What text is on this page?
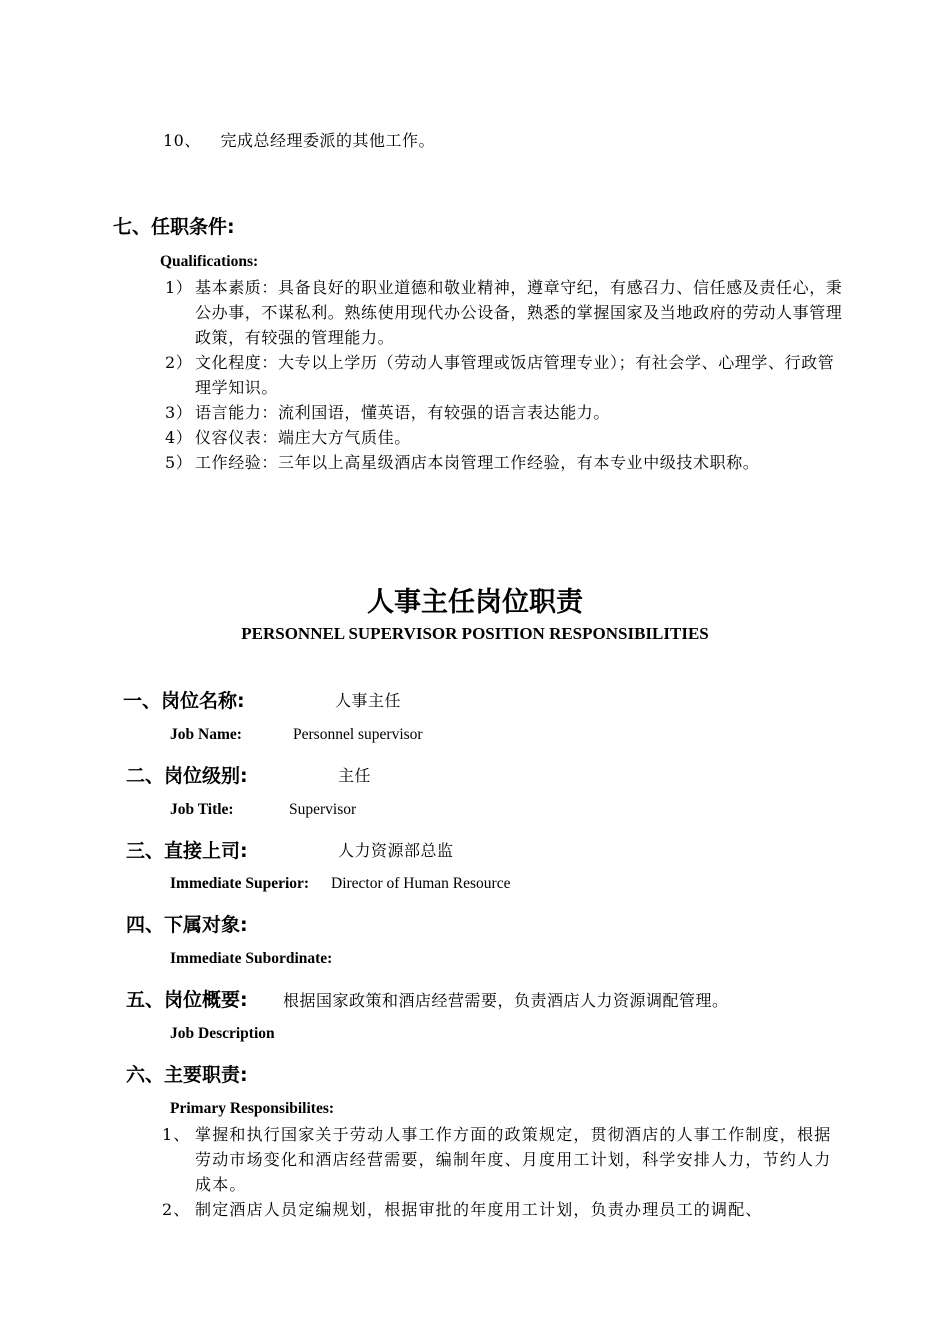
10、 完成总经理委派的其他工作。
七、任职条件:
Qualifications:
1） 基本素质：具备良好的职业道德和敬业精神，遵章守纪，有感召力、信任感及责任心，秉公办事，不谋私利。熟练使用现代办公设备，熟悉的掌握国家及当地政府的劳动人事管理政策，有较强的管理能力。
2） 文化程度：大专以上学历（劳动人事管理或饭店管理专业）；有社会学、心理学、行政管理学知识。
3） 语言能力：流利国语，懂英语，有较强的语言表达能力。
4） 仪容仪表：端庄大方气质佳。
5） 工作经验：三年以上高星级酒店本岗管理工作经验，有本专业中级技术职称。
人事主任岗位职责
PERSONNEL SUPERVISOR POSITION RESPONSIBILITIES
一、岗位名称:	人事主任
Job Name:	Personnel supervisor
二、岗位级别:	主任
Job Title:	Supervisor
三、直接上司:	人力资源部总监
Immediate Superior: Director of Human Resource
四、下属对象:
Immediate Subordinate:
五、岗位概要: 根据国家政策和酒店经营需要，负责酒店人力资源调配管理。
Job Description
六、主要职责:
Primary Responsibilites:
1、 掌握和执行国家关于劳动人事工作方面的政策规定，贯彻酒店的人事工作制度，根据劳动市场变化和酒店经营需要，编制年度、月度用工计划，科学安排人力，节约人力成本。
2、 制定酒店人员定编规划，根据审批的年度用工计划，负责办理员工的调配、
